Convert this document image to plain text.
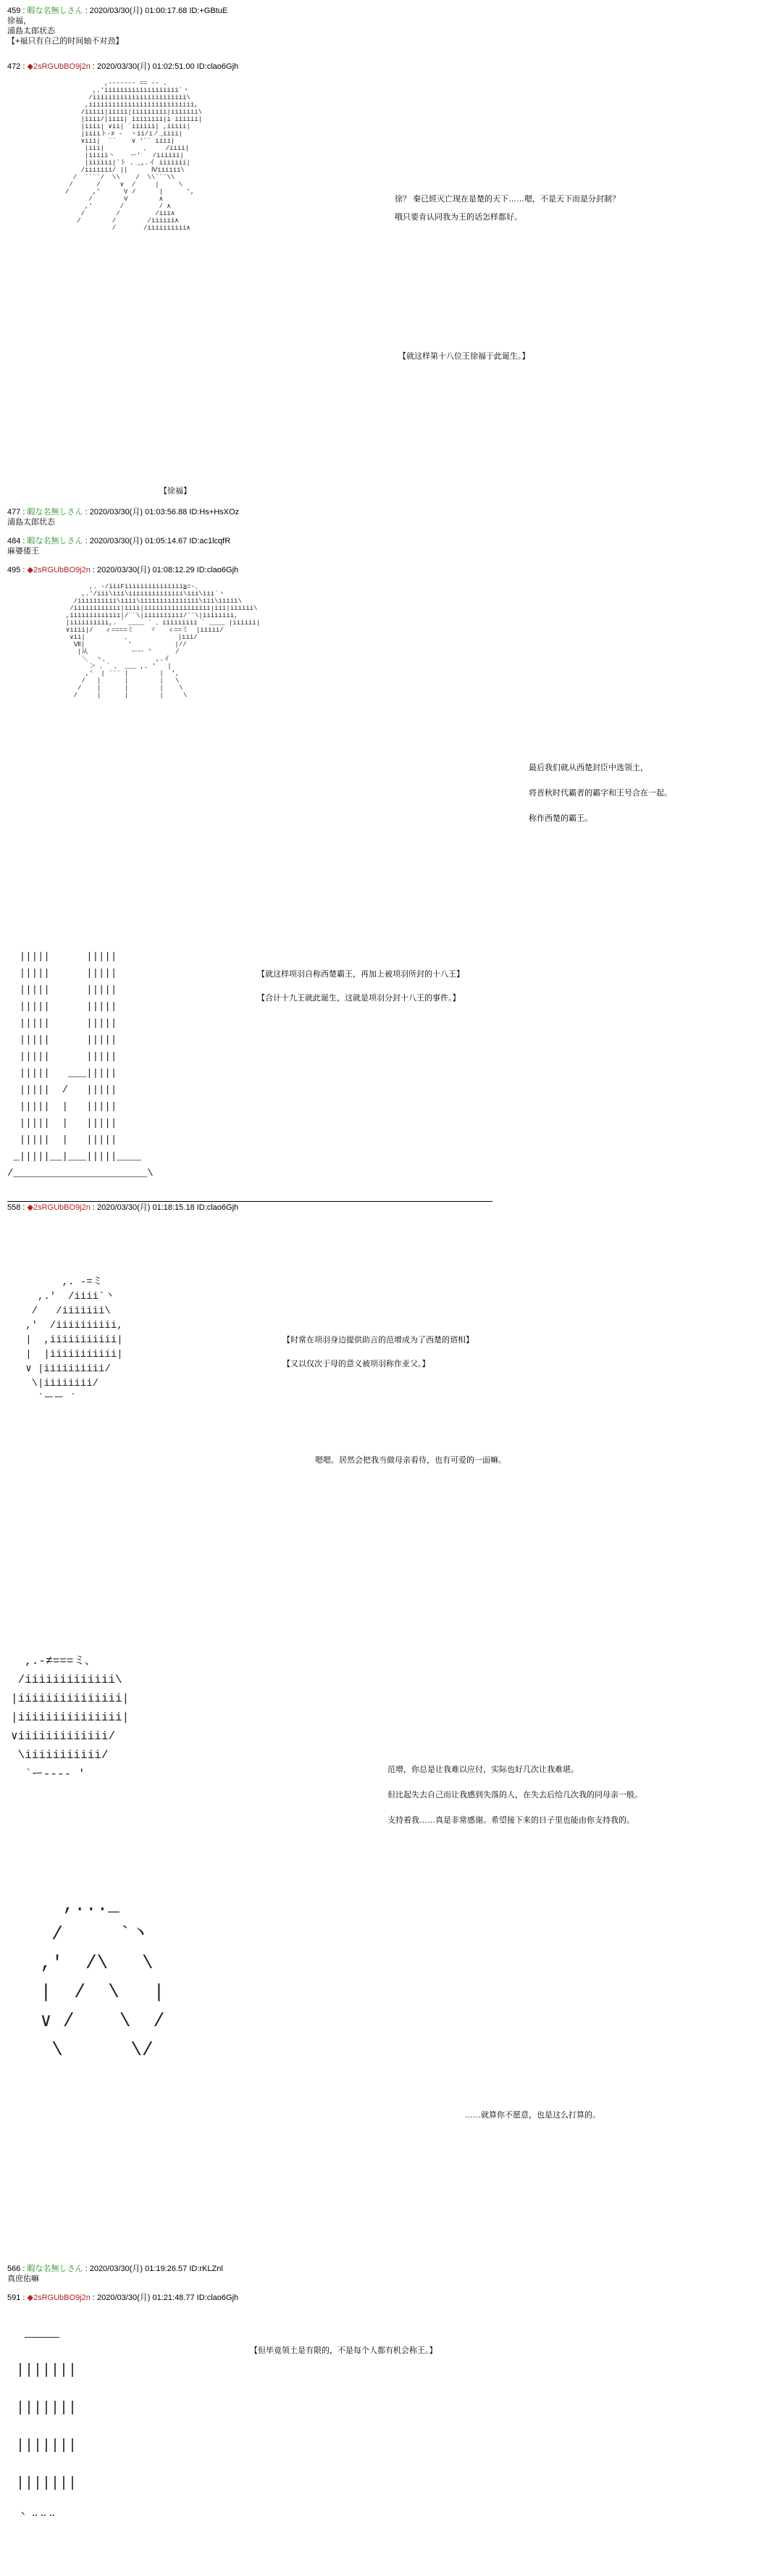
459 : 暇な名無しさん : 2020/03/30(月) 01:00:17.68 ID:+GBtuE
徐福，
浦島太郎状态
【+福只有自己的时间轴不对劲】
472 : ◆2sRGUbBO9j2n : 2020/03/30(月) 01:02:51.00 ID:clao6Gjh
,------- == -- .
,.'iiiiiiiiiiiiiiiiiii`丶
/iiiiiiiiiiiiiiiiiiiiiiii\
,iiiiiiiiiiiiiiiiiiiiiiiiiii,
/iiiii|iiiii|iiiiiiiii|iiiiiii\
|iiii/|iiii| iiiiiiii|i iiiiii|
|iiii| ∨ii| `iiiiii| ,iiiii|
|iiiiト-≠ -  ヽii/iノ_iiii|
∨iii|  ¨¨    ∨ '¨¨ iiii|
|iii|          、    /iiii|
|iiiii丶    ー'   /iiiiii|
|iiiiii|`ト 、_,.イ iiiiiii|
/iiiiiii/ ||      Ⅳiiiiii\
/  ``¨¨/  \\    /  \\¨¨¨\\
/      /     ∨  /     |     \
/      ,'      V /      |      ',
/        V        ∧
,'       /         / ∧
/        /         /iii∧
/        /        /iiiiii∧
/       /iiiiiiiiii∧
徐？ 秦已經灭亡现在是楚的天下……嗯，不是天下而是分封制？
哦只要肯认同我为王的话怎样都好。
【就这样第十八位王徐福于此诞生。】
【徐福】
477 : 暇な名無しさん : 2020/03/30(月) 01:03:56.88 ID:Hs+HsXOz
浦島太郎状态
484 : 暇な名無しさん : 2020/03/30(月) 01:05:14.67 ID:ac1lcqfR
麻婆倭王
495 : ◆2sRGUbBO9j2n : 2020/03/30(月) 01:08:12.29 ID:clao6Gjh
,. -/iiiFiiiiiiiiiiiiiii≧=-、
,.'/iii\iii\iiiiiiiiiiiiii\iii\iii`丶
/iiiiiiiiii\iiii\iiiiiiiiiiiiiii\iii\iiiii\
/iiiiiiiiiiii|iiii|iiiiiiiiiiiiiiiii|iii|iiiiii\
,iiiiiiiiiiiii|/¨¨\|iiiiiiiiii/¨¨\|iiiiiiii,
|iiiiiiiiii,. ´ ____ ` 、iiiiiiiii ´ ____ |iiiiii|
∨iiii|/   ィ====ミ    ヾ   ィ==ミ  |iiiii/
∨ii|          、            |iii/
Ⅶ|           '           |//
|从           ーー '      /
＼  丶、            ,.イ
＞ 、` 、 ___ ,. '   |
,'  | ¨¨¨ |        |  ',
/   |      |        |   \
/    |      |        |    \
/     |      |        |     \
最后我们就从西楚封臣中选领土，
将晋秋时代霸者的霸字和王号合在一起。
称作西楚的霸王。
|||||      |||||
|||||      |||||
|||||      |||||
|||||      |||||
|||||      |||||
|||||      |||||
|||||      |||||
|||||   ___|||||
|||||  /   |||||
|||||  |   |||||
|||||  |   |||||
|||||  |   |||||
_|||||__|___|||||____
/______________________\
【就这样项羽自称西楚霸王，再加上被项羽所封的十八王】
【合计十九王就此诞生，这就是项羽分封十八王的事件。】
558 : ◆2sRGUbBO9j2n : 2020/03/30(月) 01:18:15.18 ID:clao6Gjh
,. -=ミ
,.'  /iiii`丶
/   /iiiiiii\
,'  /iiiiiiiiii,
|  ,iiiiiiiiiii|
|  |iiiiiiiiiii|
∨ |iiiiiiiiii/
\|iiiiiiii/
`ーー ´
【时常在项羽身边提供助言的范增成为了西楚的谘相】
【又以仅次于母的意义被项羽称作亚父。】
嗯嗯。居然会把我当做母亲看待，也有可爱的一面嘛。
,.-≠===ミ、
/iiiiiiiiiiiii\
|iiiiiiiiiiiiiii|
|iiiiiiiiiiiiiii|
∨iiiiiiiiiiiii/
\iiiiiiiiiii/
`ー---- '	范增，你总是让我难以应付，实际也好几次让我难堪。
但比起失去自己而让我感到失落的人，在失去后给几次我的同母亲一般。
支持着我……真是非常感谢。希望接下来的日子里也能由你支持我的。
,..._
/     `丶
,'  /\   \
|  /  \   |
∨ /    \  /
\      \/
……就算你不愿意，也是这么打算的。
566 : 暇な名無しさん : 2020/03/30(月) 01:19:26.57 ID:rKLZnl
真庶佑嘛
591 : ◆2sRGUbBO9j2n : 2020/03/30(月) 01:21:48.77 ID:clao6Gjh
____
|||||||
|||||||
|||||||
|||||||
｀¨¨¨
【但毕竟领土是有限的，不是每个人都有机会称王。】
